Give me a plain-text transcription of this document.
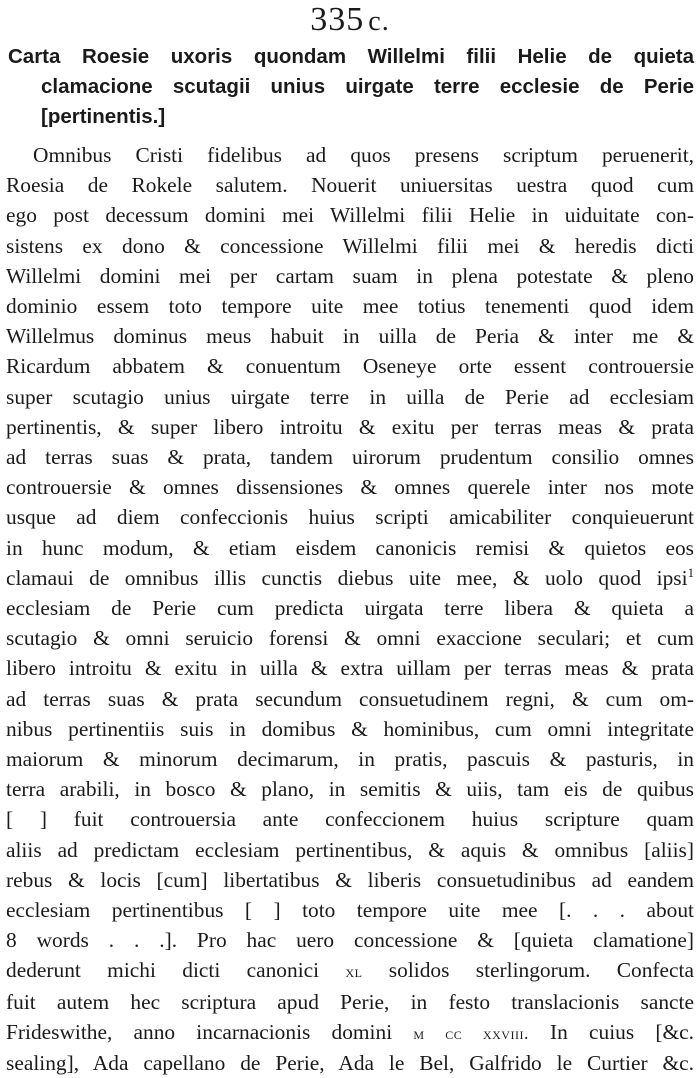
335 c.
Carta Roesie uxoris quondam Willelmi filii Helie de quieta
clamacione scutagii unius uirgate terre ecclesie de Perie
[pertinentis.]
Omnibus Cristi fidelibus ad quos presens scriptum peruenerit,
Roesia de Rokele salutem. Nouerit uniuersitas uestra quod cum
ego post decessum domini mei Willelmi filii Helie in uiduitate con-
sistens ex dono & concessione Willelmi filii mei & heredis dicti
Willelmi domini mei per cartam suam in plena potestate & pleno
dominio essem toto tempore uite mee totius tenementi quod idem
Willelmus dominus meus habuit in uilla de Peria & inter me &
Ricardum abbatem & conuentum Oseneye orte essent controuersie
super scutagio unius uirgate terre in uilla de Perie ad ecclesiam
pertinentis, & super libero introitu & exitu per terras meas & prata
ad terras suas & prata, tandem uirorum prudentum consilio omnes
controuersie & omnes dissensiones & omnes querele inter nos mote
usque ad diem confeccionis huius scripti amicabiliter conquieuerunt
in hunc modum, & etiam eisdem canonicis remisi & quietos eos
clamaui de omnibus illis cunctis diebus uite mee, & uolo quod ipsi$^1$
ecclesiam de Perie cum predicta uirgata terre libera & quieta a
scutagio & omni seruicio forensi & omni exaccione seculari; et cum
libero introitu & exitu in uilla & extra uillam per terras meas & prata
ad terras suas & prata secundum consuetudinem regni, & cum om-
nibus pertinentiis suis in domibus & hominibus, cum omni integritate
maiorum & minorum decimarum, in pratis, pascuis & pasturis, in
terra arabili, in bosco & plano, in semitis & uiis, tam eis de quibus
[ ] fuit controuersia ante confeccionem huius scripture quam
aliis ad predictam ecclesiam pertinentibus, & aquis & omnibus [aliis]
rebus & locis [cum] libertatibus & liberis consuetudinibus ad eandem
ecclesiam pertinentibus [ ] toto tempore uite mee [. . . about
8 words . . .]. Pro hac uero concessione & [quieta clamatione]
dederunt michi dicti canonici xl solidos sterlingorum. Confecta
fuit autem hec scriptura apud Perie, in festo translacionis sancte
Frideswithe, anno incarnacionis domini m cc xxviii. In cuius [&c.
sealing], Ada capellano de Perie, Ada le Bel, Galfrido le Curtier &c.
